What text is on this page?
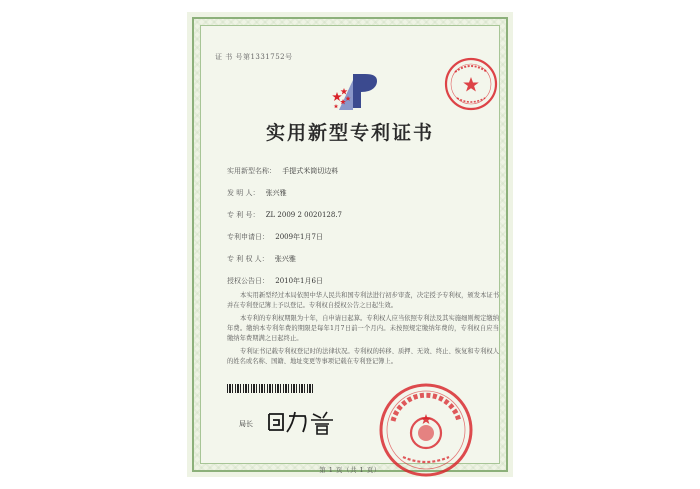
证 书 号第1331752号
实用新型专利证书
实用新型名称： 手提式米筒切边料
发 明 人： 张兴雅
专 利 号： ZL 2009 2 0020128.7
专利申请日： 2009年1月7日
专 利 权 人： 张兴雅
授权公告日： 2010年1月6日

本实用新型经过本局依照中华人民共和国专利法进行初步审查，决定授予专利权，颁发本证书并在专利登记簿上予以登记。专利权自授权公告之日起生效。

本专利的专利权期限为十年，自申请日起算。专利权人应当依照专利法及其实施细则规定缴纳年费。缴纳本专利年费的期限是每年1月7日前一个月内。未按照规定缴纳年费的，专利权自应当缴纳年费期满之日起终止。

专利证书记载专利权登记时的法律状况。专利权的转移、质押、无效、终止、恢复和专利权人的姓名或名称、国籍、地址变更等事项记载在专利登记簿上。

局长
第 1 页（共 1 页）
